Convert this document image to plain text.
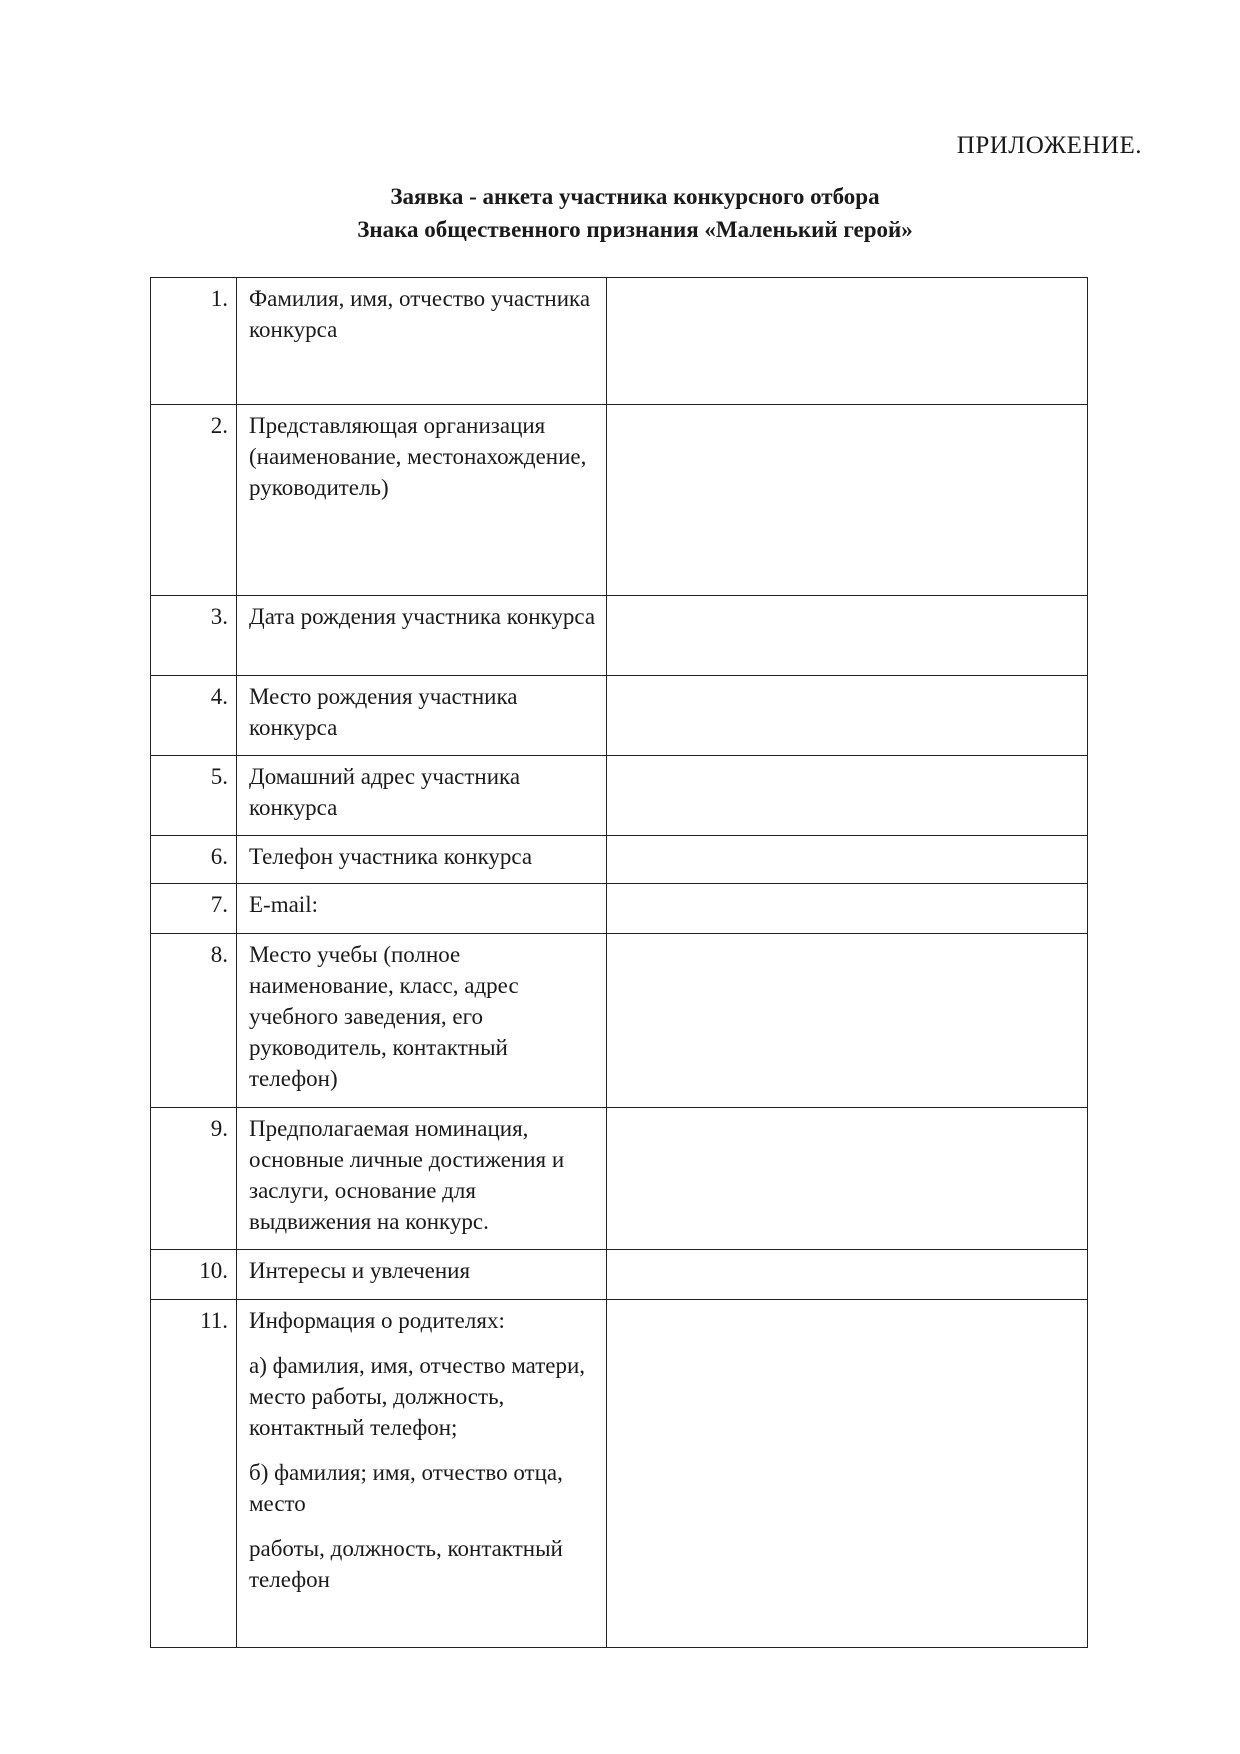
ПРИЛОЖЕНИЕ.
Заявка - анкета участника конкурсного отбора
Знака общественного признания «Маленький герой»
1.	Фамилия, имя, отчество участника конкурса	

2.	Представляющая организация (наименование, местонахождение, руководитель)	

3.	Дата рождения участника конкурса	

4.	Место рождения участника конкурса	

5.	Домашний адрес участника конкурса	

6.	Телефон участника конкурса	

7.	E-mail:	

8.	Место учебы (полное наименование, класс, адрес учебного заведения, его руководитель, контактный телефон)	

9.	Предполагаемая номинация, основные личные достижения и заслуги, основание для выдвижения на конкурс.	

10.	Интересы и увлечения	

11.	Информация о родителях:
а) фамилия, имя, отчество матери, место работы, должность, контактный телефон;
б) фамилия; имя, отчество отца, место
работы, должность, контактный телефон	
